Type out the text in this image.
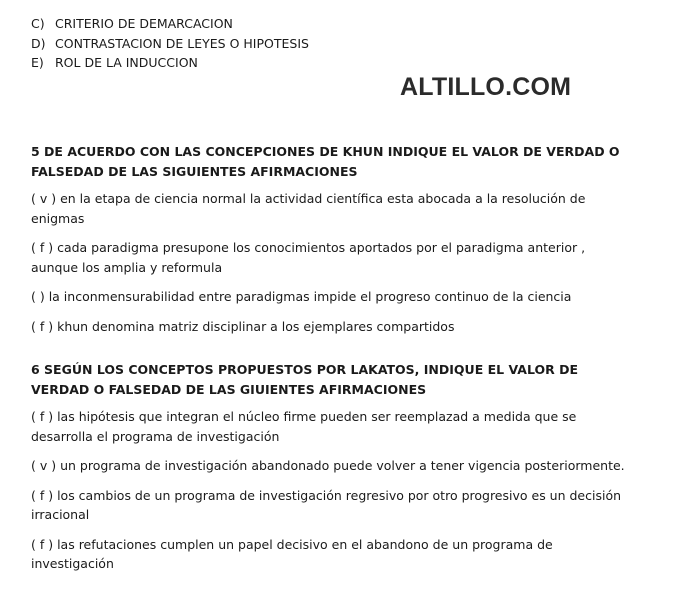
C) CRITERIO DE DEMARCACION
D) CONTRASTACION DE LEYES O HIPOTESIS
E) ROL DE LA INDUCCION
ALTILLO.COM

5 DE ACUERDO CON LAS CONCEPCIONES DE KHUN INDIQUE EL VALOR DE VERDAD O FALSEDAD DE LAS SIGUIENTES AFIRMACIONES

( v ) en la etapa de ciencia normal la actividad científica esta abocada a la resolución de enigmas

( f ) cada paradigma presupone los conocimientos aportados por el paradigma anterior , aunque los amplia y reformula

( ) la inconmensurabilidad entre paradigmas impide el progreso continuo de la ciencia

( f ) khun denomina matriz disciplinar a los ejemplares compartidos

6 SEGÚN LOS CONCEPTOS PROPUESTOS POR LAKATOS, INDIQUE EL VALOR DE VERDAD O FALSEDAD DE LAS GIUIENTES AFIRMACIONES

( f ) las hipótesis que integran el núcleo firme pueden ser reemplazad a medida que se desarrolla el programa de investigación

( v ) un programa de investigación abandonado puede volver a tener vigencia posteriormente.

( f ) los cambios de un programa de investigación regresivo por otro progresivo es un decisión irracional

( f ) las refutaciones cumplen un papel decisivo en el abandono de un programa de investigación
